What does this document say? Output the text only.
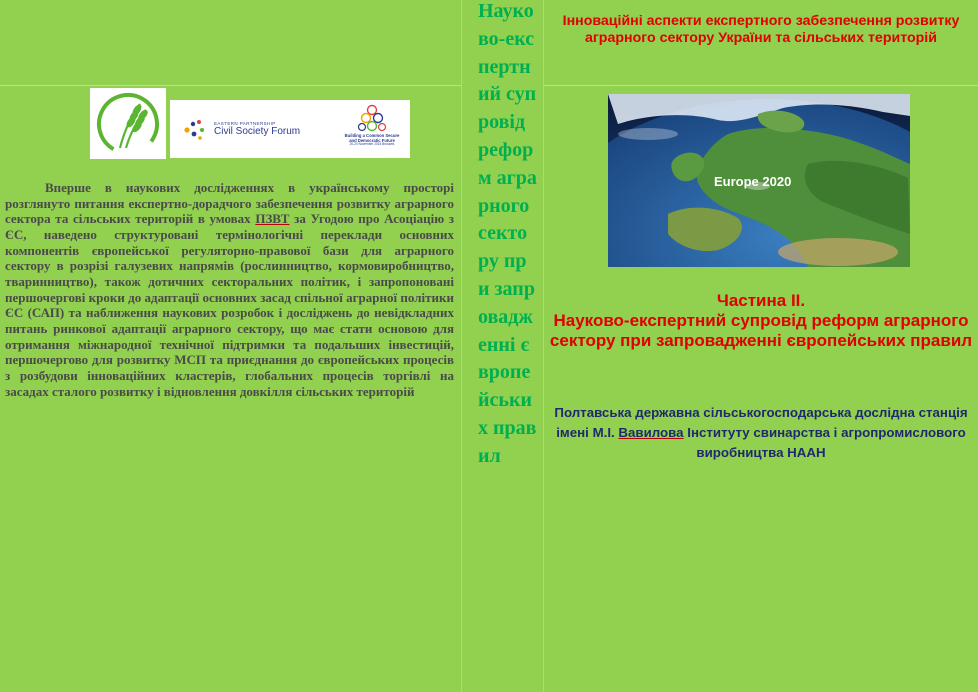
EASTERN PARTNERSHIP
Civil Society Forum	Building a Common Secure and Democratic Future
20-20 November 2015 Brussels

Вперше в наукових дослідженнях в українському просторі розглянуто питання експертно-дорадчого забезпечення розвитку аграрного сектора та сільських територій в умовах ПЗВТ за Угодою про Асоціацію з ЄС, наведено структуровані термінологічні переклади основних компонентів європейської регуляторно-правової бази для аграрного сектору в розрізі галузевих напрямів (рослинництво, кормовиробництво, тваринництво), також дотичних секторальних політик, і запропоновані першочергові кроки до адаптації основних засад спільної аграрної політики ЄС (САП) та наближення наукових розробок і досліджень до невідкладних питань ринкової адаптації аграрного сектору, що має стати основою для отримання міжнародної технічної підтримки та подальших інвестицій, першочергово для розвитку МСП та приєднання до європейських процесів з розбудови інноваційних кластерів, глобальних процесів торгівлі на засадах сталого розвитку і відновлення довкілля сільських територій

Науково-експертний супровід реформ аграрного сектору при запровадженні європейських правил

Інноваційні аспекти експертного забезпечення розвитку аграрного сектору України та сільських територій

Europe 2020

Частина ІІ.
Науково-експертний супровід реформ аграрного сектору при запровадженні європейських правил

Полтавська державна сільськогосподарська дослідна станція імені М.І. Вавилова Інституту свинарства і агропромислового виробництва НААН
